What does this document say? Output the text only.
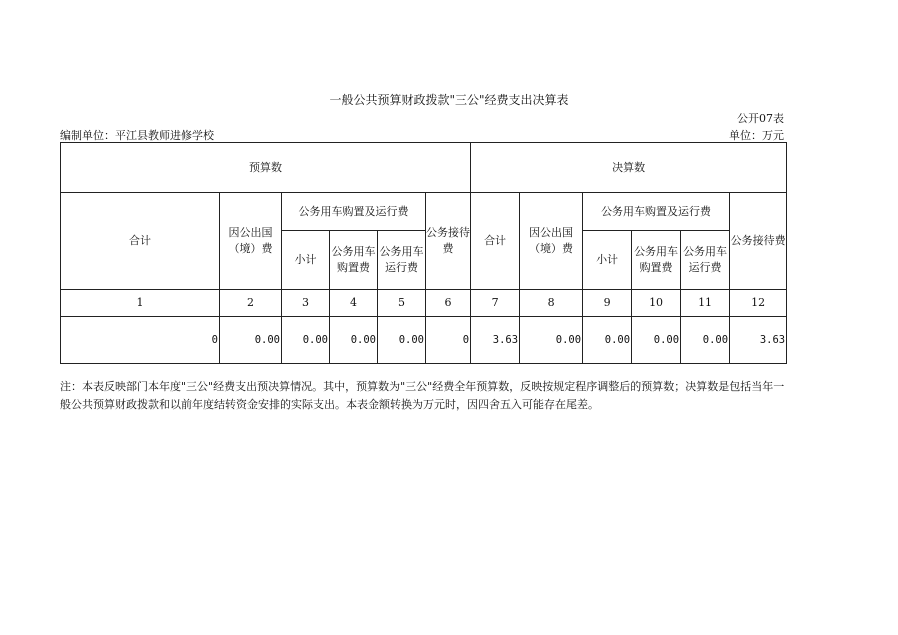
一般公共预算财政拨款"三公"经费支出决算表
公开07表
编制单位：平江县教师进修学校	单位：万元
预算数						决算数					
合计	因公出国（境）费	公务用车购置及运行费			公务接待费	合计	因公出国（境）费	公务用车购置及运行费			公务接待费
		小计	公务用车购置费	公务用车运行费				小计	公务用车购置费	公务用车运行费	
1	2	3	4	5	6	7	8	9	10	11	12
0	0.00	0.00	0.00	0.00	0	3.63	0.00	0.00	0.00	0.00	3.63
注：本表反映部门本年度"三公"经费支出预决算情况。其中，预算数为"三公"经费全年预算数，反映按规定程序调整后的预算数；决算数是包括当年一般公共预算财政拨款和以前年度结转资金安排的实际支出。本表金额转换为万元时，因四舍五入可能存在尾差。
